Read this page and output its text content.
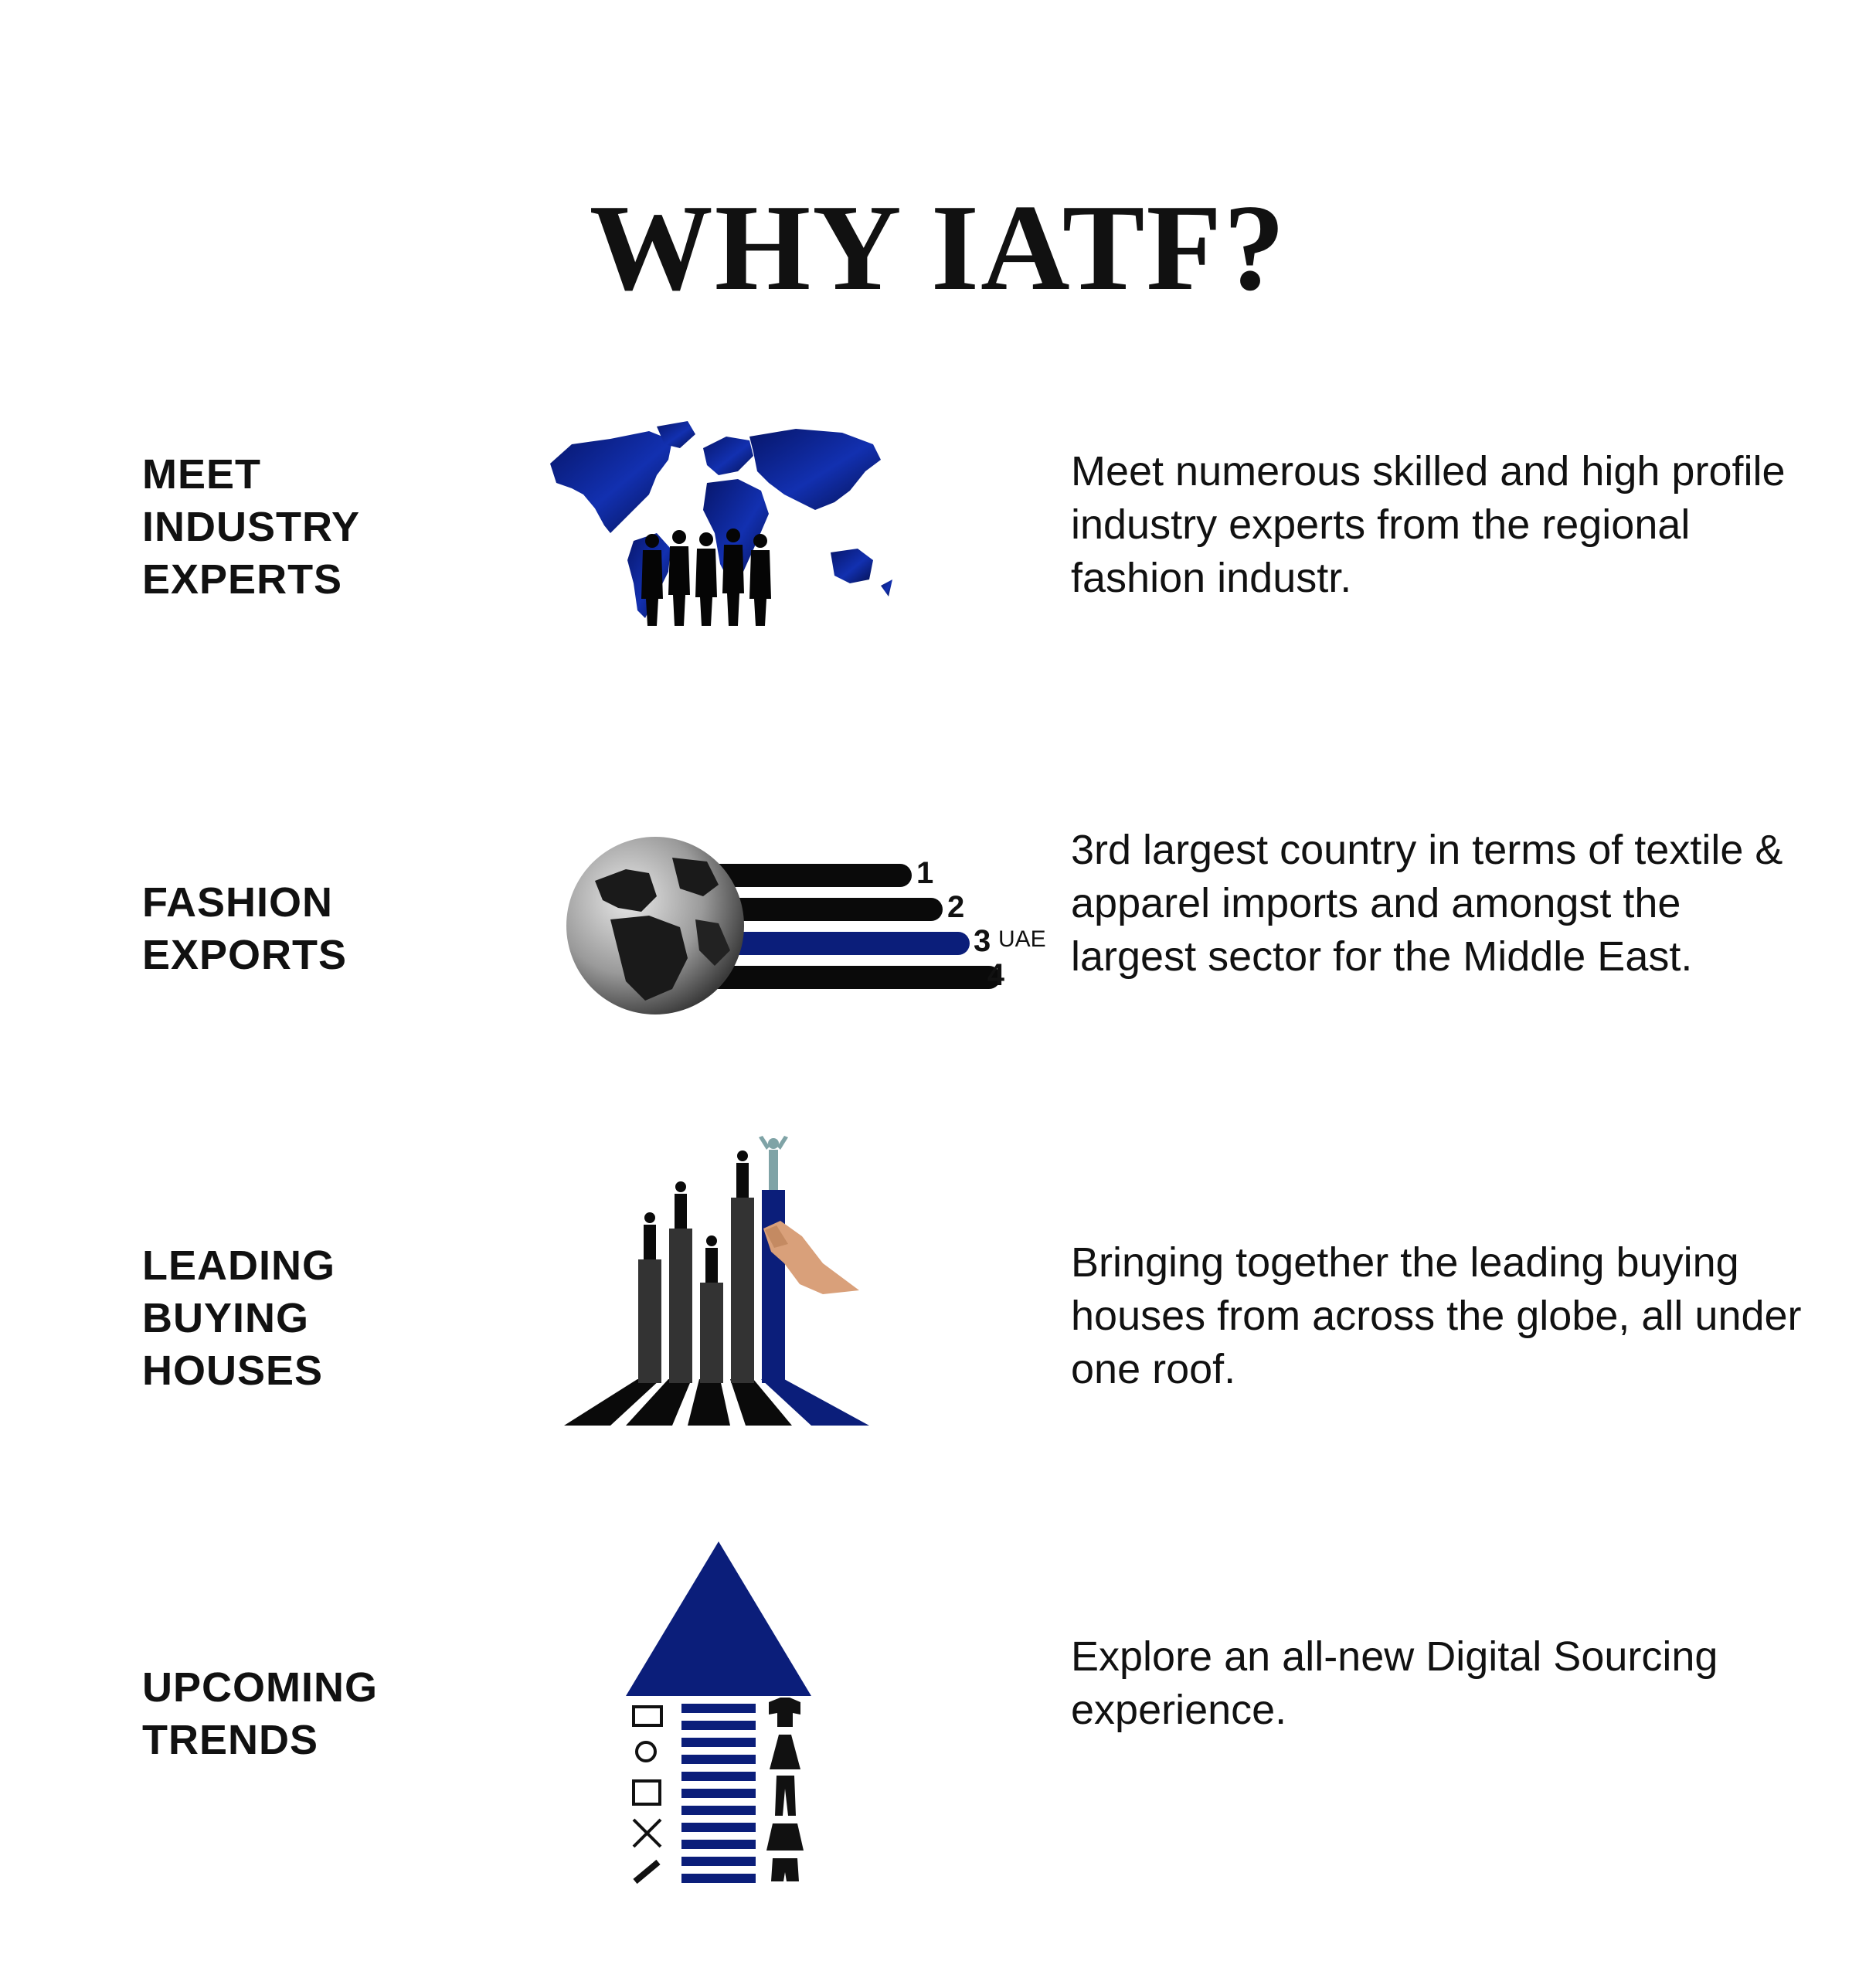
WHY IATF?
MEET
INDUSTRY
EXPERTS

Meet numerous skilled and high profile industry experts from the regional fashion industr.

FASHION
EXPORTS

3rd largest country in terms of textile & apparel imports and amongst the largest sector for the Middle East.

1
2
3 UAE
4
LEADING
BUYING
HOUSES

Bringing together the leading buying houses from across the globe, all under one roof.

UPCOMING
TRENDS

Explore an all-new Digital Sourcing experience.
